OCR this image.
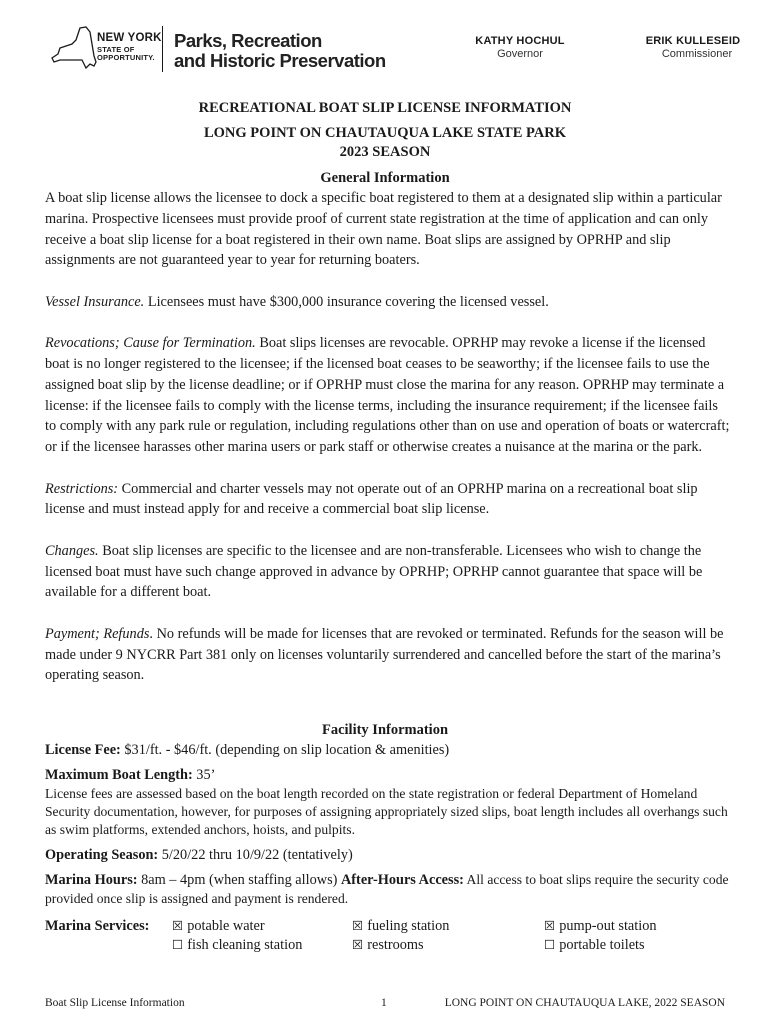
NEW YORK
STATE OF
OPPORTUNITY.
Parks, Recreation
and Historic Preservation
KATHY HOCHUL
Governor
ERIK KULLESEID
Commissioner
RECREATIONAL BOAT SLIP LICENSE INFORMATION
LONG POINT ON CHAUTAUQUA LAKE STATE PARK
2023 SEASON
General Information

A boat slip license allows the licensee to dock a specific boat registered to them at a designated slip within a particular marina. Prospective licensees must provide proof of current state registration at the time of application and can only receive a boat slip license for a boat registered in their own name. Boat slips are assigned by OPRHP and slip assignments are not guaranteed year to year for returning boaters.

Vessel Insurance. Licensees must have $300,000 insurance covering the licensed vessel.

Revocations; Cause for Termination. Boat slips licenses are revocable. OPRHP may revoke a license if the licensed boat is no longer registered to the licensee; if the licensed boat ceases to be seaworthy; if the licensee fails to use the assigned boat slip by the license deadline; or if OPRHP must close the marina for any reason. OPRHP may terminate a license: if the licensee fails to comply with the license terms, including the insurance requirement; if the licensee fails to comply with any park rule or regulation, including regulations other than on use and operation of boats or watercraft; or if the licensee harasses other marina users or park staff or otherwise creates a nuisance at the marina or the park.

Restrictions: Commercial and charter vessels may not operate out of an OPRHP marina on a recreational boat slip license and must instead apply for and receive a commercial boat slip license.

Changes. Boat slip licenses are specific to the licensee and are non-transferable. Licensees who wish to change the licensed boat must have such change approved in advance by OPRHP; OPRHP cannot guarantee that space will be available for a different boat.

Payment; Refunds. No refunds will be made for licenses that are revoked or terminated. Refunds for the season will be made under 9 NYCRR Part 381 only on licenses voluntarily surrendered and cancelled before the start of the marina’s operating season.

Facility Information
License Fee: $31/ft. - $46/ft. (depending on slip location & amenities)
Maximum Boat Length: 35’
License fees are assessed based on the boat length recorded on the state registration or federal Department of Homeland Security documentation, however, for purposes of assigning appropriately sized slips, boat length includes all overhangs such as swim platforms, extended anchors, hoists, and pulpits.
Operating Season: 5/20/22 thru 10/9/22 (tentatively)
Marina Hours: 8am – 4pm (when staffing allows) After-Hours Access: All access to boat slips require the security code provided once slip is assigned and payment is rendered.
Marina Services: ☒ potable water	☒ fueling station	☒ pump-out station
☐ fish cleaning station	☒ restrooms	☐ portable toilets
Boat Slip License Information	1	LONG POINT ON CHAUTAUQUA LAKE, 2022 SEASON
